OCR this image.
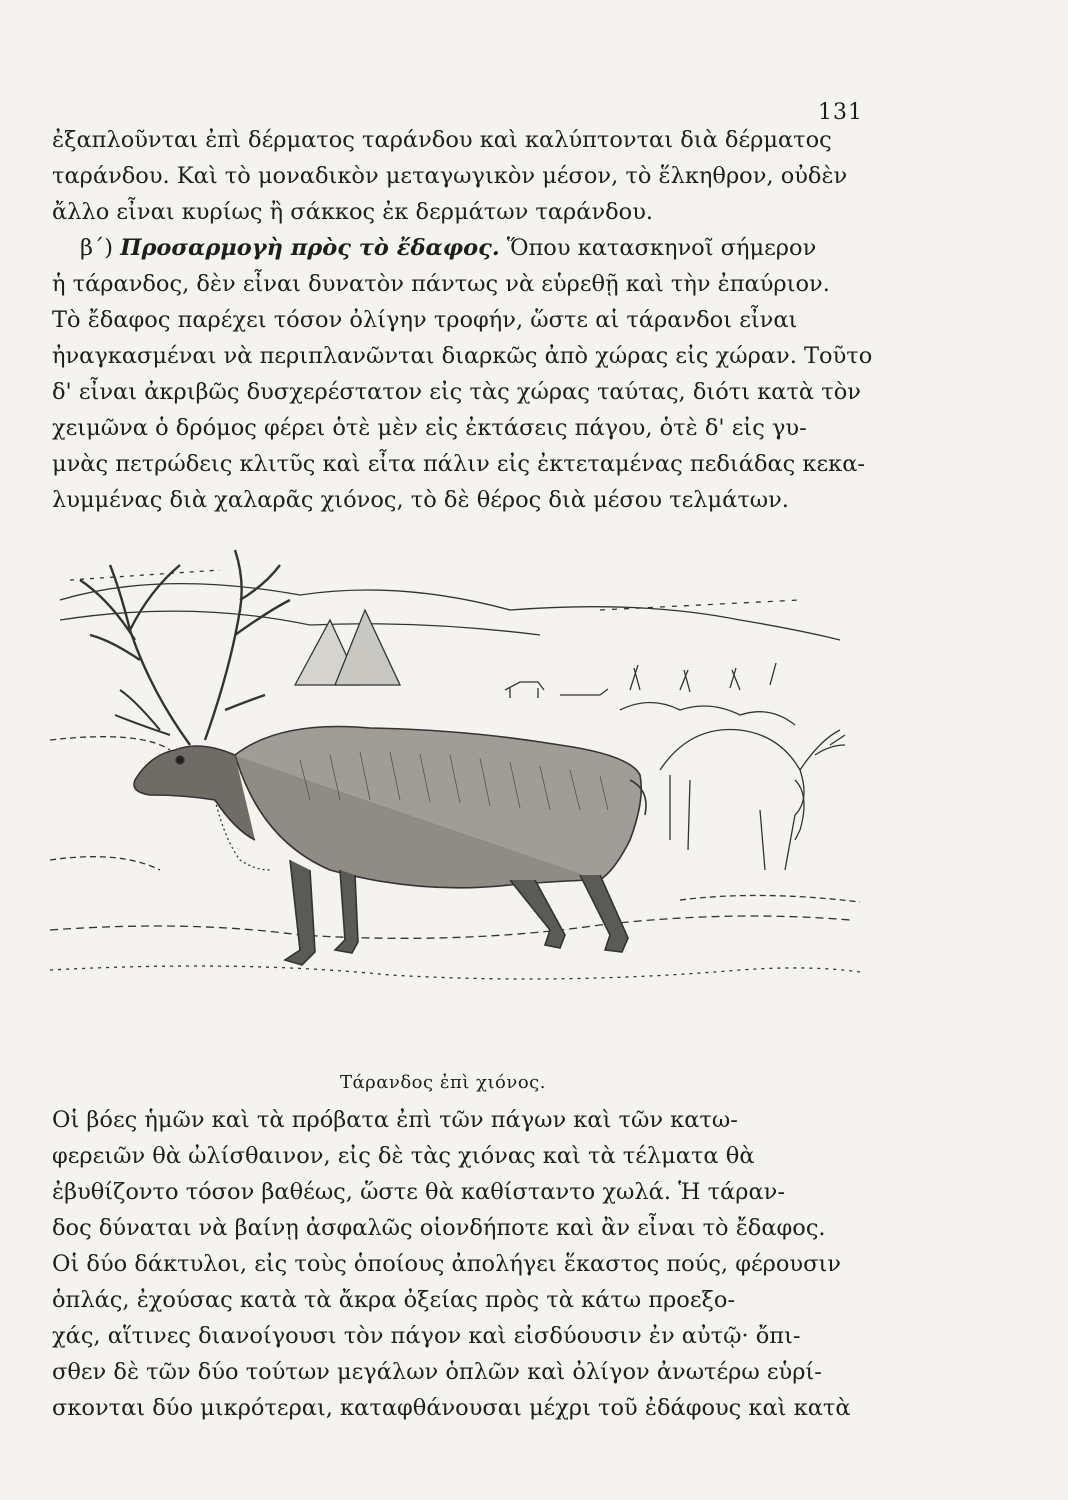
131
ἐξαπλοῦνται ἐπὶ δέρματος ταράνδου καὶ καλύπτονται διὰ δέρματος
ταράνδου. Καὶ τὸ μοναδικὸν μεταγωγικὸν μέσον, τὸ ἕλκηθρον, οὐδὲν
ἄλλο εἶναι κυρίως ἢ σάκκος ἐκ δερμάτων ταράνδου.
β΄) Προσαρμογὴ πρὸς τὸ ἔδαφος. Ὅπου κατασκηνοῖ σήμερον
ἡ τάρανδος, δὲν εἶναι δυνατὸν πάντως νὰ εὑρεθῇ καὶ τὴν ἐπαύριον.
Τὸ ἔδαφος παρέχει τόσον ὀλίγην τροφήν, ὥστε αἱ τάρανδοι εἶναι
ἠναγκασμέναι νὰ περιπλανῶνται διαρκῶς ἀπὸ χώρας εἰς χώραν. Τοῦτο
δ' εἶναι ἀκριβῶς δυσχερέστατον εἰς τὰς χώρας ταύτας, διότι κατὰ τὸν
χειμῶνα ὁ δρόμος φέρει ὁτὲ μὲν εἰς ἐκτάσεις πάγου, ὁτὲ δ' εἰς γυ-
μνὰς πετρώδεις κλιτῦς καὶ εἶτα πάλιν εἰς ἐκτεταμένας πεδιάδας κεκα-
λυμμένας διὰ χαλαρᾶς χιόνος, τὸ δὲ θέρος διὰ μέσου τελμάτων.
Τάρανδος ἐπὶ χιόνος.
Οἱ βόες ἡμῶν καὶ τὰ πρόβατα ἐπὶ τῶν πάγων καὶ τῶν κατω-
φερειῶν θὰ ὠλίσθαινον, εἰς δὲ τὰς χιόνας καὶ τὰ τέλματα θὰ
ἐβυθίζοντο τόσον βαθέως, ὥστε θὰ καθίσταντο χωλά. Ἡ τάραν-
δος δύναται νὰ βαίνῃ ἀσφαλῶς οἱονδήποτε καὶ ἂν εἶναι τὸ ἔδαφος.
Οἱ δύο δάκτυλοι, εἰς τοὺς ὁποίους ἀπολήγει ἕκαστος πούς, φέρουσιν
ὁπλάς, ἐχούσας κατὰ τὰ ἄκρα ὀξείας πρὸς τὰ κάτω προεξο-
χάς, αἵτινες διανοίγουσι τὸν πάγον καὶ εἰσδύουσιν ἐν αὐτῷ· ὄπι-
σθεν δὲ τῶν δύο τούτων μεγάλων ὁπλῶν καὶ ὀλίγον ἀνωτέρω εὑρί-
σκονται δύο μικρότεραι, καταφθάνουσαι μέχρι τοῦ ἐδάφους καὶ κατὰ
